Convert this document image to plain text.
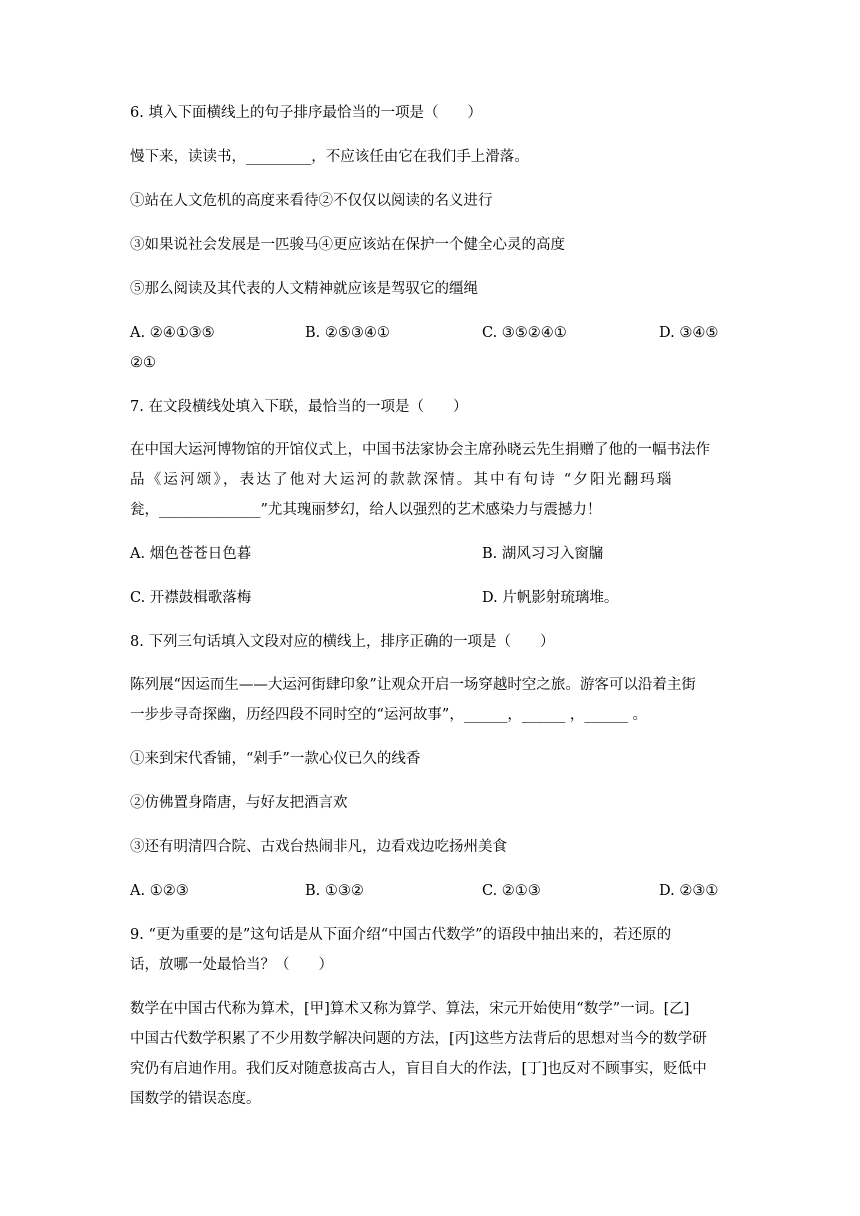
6. 填入下面横线上的句子排序最恰当的一项是（　　）
慢下来，读读书，_________，不应该任由它在我们手上滑落。
①站在人文危机的高度来看待②不仅仅以阅读的名义进行
③如果说社会发展是一匹骏马④更应该站在保护一个健全心灵的高度
⑤那么阅读及其代表的人文精神就应该是驾驭它的缰绳
A. ②④①③⑤	B. ②⑤③④①	C. ③⑤②④①	D. ③④⑤
②①
7. 在文段横线处填入下联，最恰当的一项是（　　）
在中国大运河博物馆的开馆仪式上，中国书法家协会主席孙晓云先生捐赠了他的一幅书法作
品《运河颂》，表达了他对大运河的款款深情。其中有句诗 “夕阳光翻玛瑙
瓮，______________”尤其瑰丽梦幻，给人以强烈的艺术感染力与震撼力！
A. 烟色苍苍日色暮	B. 湖风习习入窗牖
C. 开襟鼓楫歌落梅	D. 片帆影射琉璃堆。
8. 下列三句话填入文段对应的横线上，排序正确的一项是（　　）
陈列展“因运而生——大运河街肆印象”让观众开启一场穿越时空之旅。游客可以沿着主街
一步步寻奇探幽，历经四段不同时空的“运河故事”，______，______ ，______ 。
①来到宋代香铺，“剁手”一款心仪已久的线香
②仿佛置身隋唐，与好友把酒言欢
③还有明清四合院、古戏台热闹非凡，边看戏边吃扬州美食
A. ①②③	B. ①③②	C. ②①③	D. ②③①
9. “更为重要的是”这句话是从下面介绍“中国古代数学”的语段中抽出来的，若还原的
话，放哪一处最恰当？（　　）
数学在中国古代称为算术，[甲]算术又称为算学、算法，宋元开始使用“数学”一词。[乙]
中国古代数学积累了不少用数学解决问题的方法，[丙]这些方法背后的思想对当今的数学研
究仍有启迪作用。我们反对随意拔高古人，盲目自大的作法，[丁]也反对不顾事实，贬低中
国数学的错误态度。
